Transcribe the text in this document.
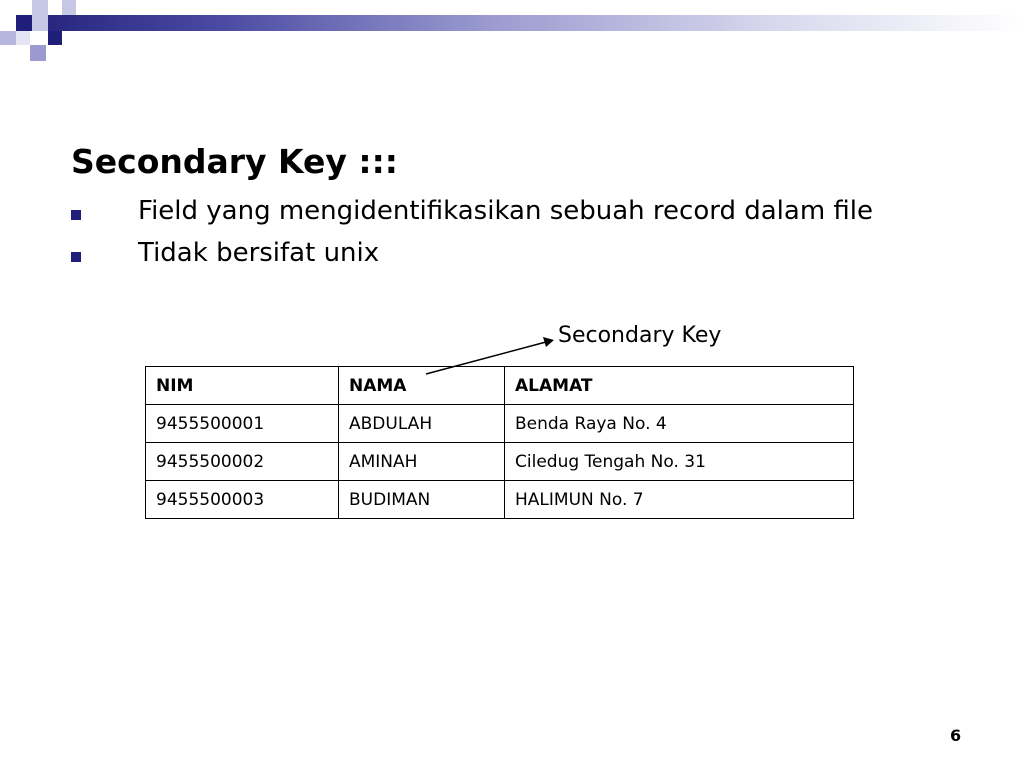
Secondary Key :::
Field yang mengidentifikasikan sebuah record dalam file
Tidak bersifat unix
Secondary Key
NIM	NAMA	ALAMAT
9455500001	ABDULAH	Benda Raya No. 4
9455500002	AMINAH	Ciledug Tengah No. 31
9455500003	BUDIMAN	HALIMUN No. 7
6
